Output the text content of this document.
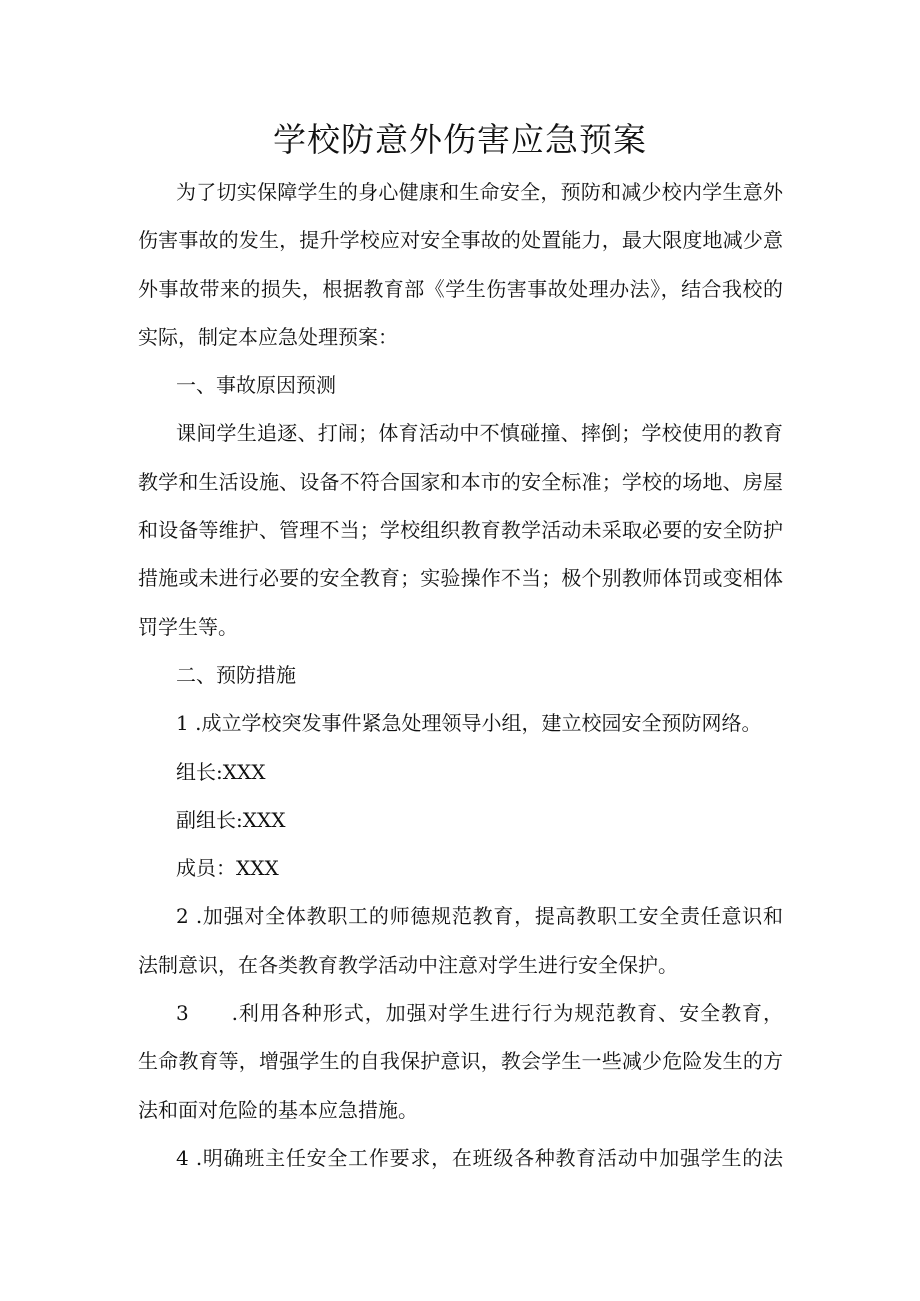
学校防意外伤害应急预案
为了切实保障学生的身心健康和生命安全，预防和减少校内学生意外
伤害事故的发生，提升学校应对安全事故的处置能力，最大限度地减少意
外事故带来的损失，根据教育部《学生伤害事故处理办法》，结合我校的
实际，制定本应急处理预案：
一、事故原因预测
课间学生追逐、打闹；体育活动中不慎碰撞、摔倒；学校使用的教育
教学和生活设施、设备不符合国家和本市的安全标准；学校的场地、房屋
和设备等维护、管理不当；学校组织教育教学活动未采取必要的安全防护
措施或未进行必要的安全教育；实验操作不当；极个别教师体罚或变相体
罚学生等。
二、预防措施
1 .成立学校突发事件紧急处理领导小组，建立校园安全预防网络。
组长:XXX
副组长:XXX
成员：XXX
2 .加强对全体教职工的师德规范教育，提高教职工安全责任意识和
法制意识，在各类教育教学活动中注意对学生进行安全保护。
3　　.利用各种形式，加强对学生进行行为规范教育、安全教育，
生命教育等，增强学生的自我保护意识，教会学生一些减少危险发生的方
法和面对危险的基本应急措施。
4 .明确班主任安全工作要求，在班级各种教育活动中加强学生的法
